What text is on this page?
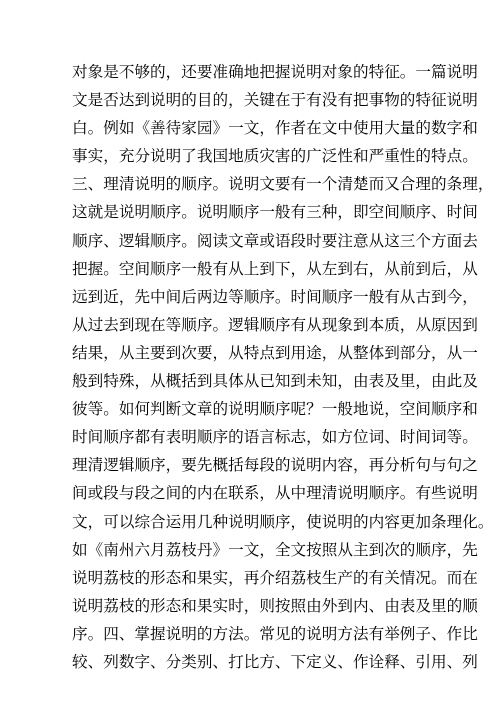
对 象 是 不 够 的 ， 还 要 准 确 地 把 握 说 明 对 象 的 特 征 。 一 篇 说 明
文 是 否 达 到 说 明 的 目 的 ， 关 键 在 于 有 没 有 把 事 物 的 特 征 说 明
白 。 例 如 《 善 待 家 园 》 一 文 ， 作 者 在 文 中 使 用 大 量 的 数 字 和
事 实 ， 充 分 说 明 了 我 国 地 质 灾 害 的 广 泛 性 和 严 重 性 的 特 点 。
三 、 理 清 说 明 的 顺 序 。 说 明 文 要 有 一 个 清 楚 而 又 合 理 的 条 理 ，
这 就 是 说 明 顺 序 。 说 明 顺 序 一 般 有 三 种 ， 即 空 间 顺 序 、 时 间
顺 序 、 逻 辑 顺 序 。 阅 读 文 章 或 语 段 时 要 注 意 从 这 三 个 方 面 去
把 握 。 空 间 顺 序 一 般 有 从 上 到 下 ， 从 左 到 右 ， 从 前 到 后 ， 从
远 到 近 ， 先 中 间 后 两 边 等 顺 序 。 时 间 顺 序 一 般 有 从 古 到 今 ，
从 过 去 到 现 在 等 顺 序 。 逻 辑 顺 序 有 从 现 象 到 本 质 ， 从 原 因 到
结 果 ， 从 主 要 到 次 要 ， 从 特 点 到 用 途 ， 从 整 体 到 部 分 ， 从 一
般 到 特 殊 ， 从 概 括 到 具 体 从 已 知 到 未 知 ， 由 表 及 里 ， 由 此 及
彼 等 。 如 何 判 断 文 章 的 说 明 顺 序 呢 ？ 一 般 地 说 ， 空 间 顺 序 和
时 间 顺 序 都 有 表 明 顺 序 的 语 言 标 志 ， 如 方 位 词 、 时 间 词 等 。
理 清 逻 辑 顺 序 ， 要 先 概 括 每 段 的 说 明 内 容 ， 再 分 析 句 与 句 之
间 或 段 与 段 之 间 的 内 在 联 系 ， 从 中 理 清 说 明 顺 序 。 有 些 说 明
文 ， 可 以 综 合 运 用 几 种 说 明 顺 序 ， 使 说 明 的 内 容 更 加 条 理 化 。
如 《 南 州 六 月 荔 枝 丹 》 一 文 ， 全 文 按 照 从 主 到 次 的 顺 序 ， 先
说 明 荔 枝 的 形 态 和 果 实 ， 再 介 绍 荔 枝 生 产 的 有 关 情 况 。 而 在
说 明 荔 枝 的 形 态 和 果 实 时 ， 则 按 照 由 外 到 内 、 由 表 及 里 的 顺
序 。 四 、 掌 握 说 明 的 方 法 。 常 见 的 说 明 方 法 有 举 例 子 、 作 比
较 、 列 数 字 、 分 类 别 、 打 比 方 、 下 定 义 、 作 诠 释 、 引 用 、 列
